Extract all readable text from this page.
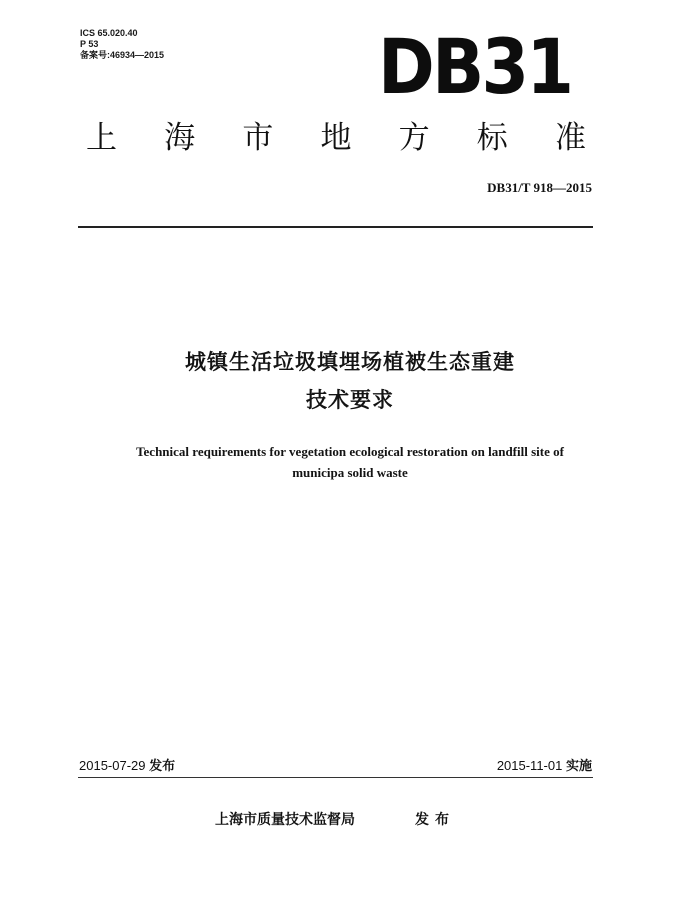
ICS 65.020.40
P 53
备案号:46934—2015	DB31
上 海 市 地 方 标 准
DB31/T 918—2015
城镇生活垃圾填埋场植被生态重建
技术要求
Technical requirements for vegetation ecological restoration on landfill site of
municipa solid waste
2015-07-29 发布	2015-11-01 实施
上海市质量技术监督局	发布
